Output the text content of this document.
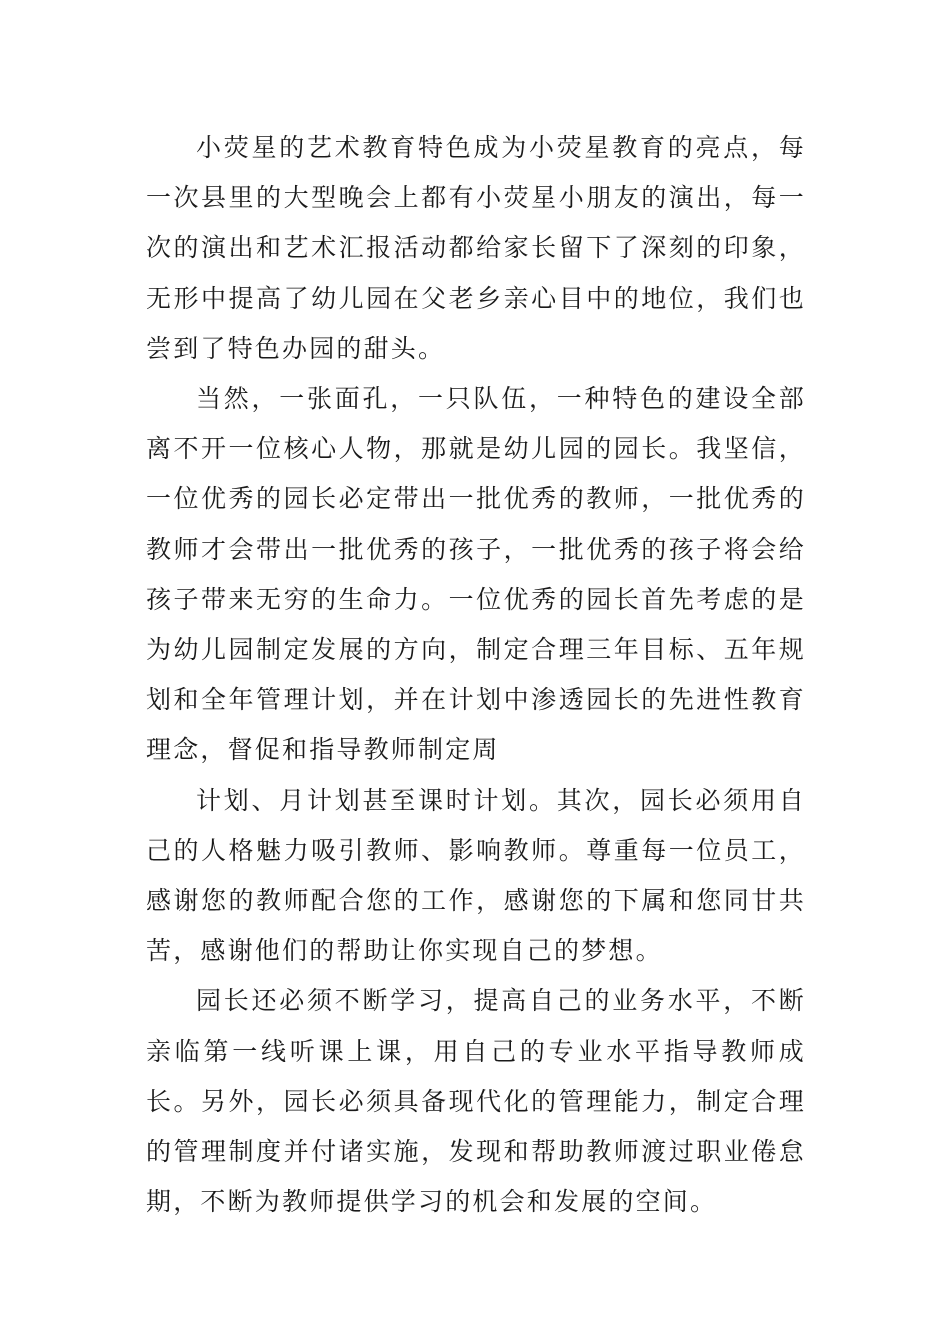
小荧星的艺术教育特色成为小荧星教育的亮点，每一次县里的大型晚会上都有小荧星小朋友的演出，每一次的演出和艺术汇报活动都给家长留下了深刻的印象，无形中提高了幼儿园在父老乡亲心目中的地位，我们也尝到了特色办园的甜头。

当然，一张面孔，一只队伍，一种特色的建设全部离不开一位核心人物，那就是幼儿园的园长。我坚信，一位优秀的园长必定带出一批优秀的教师，一批优秀的教师才会带出一批优秀的孩子，一批优秀的孩子将会给孩子带来无穷的生命力。一位优秀的园长首先考虑的是为幼儿园制定发展的方向，制定合理三年目标、五年规划和全年管理计划，并在计划中渗透园长的先进性教育理念，督促和指导教师制定周

计划、月计划甚至课时计划。其次，园长必须用自己的人格魅力吸引教师、影响教师。尊重每一位员工，感谢您的教师配合您的工作，感谢您的下属和您同甘共苦，感谢他们的帮助让你实现自己的梦想。

园长还必须不断学习，提高自己的业务水平，不断亲临第一线听课上课，用自己的专业水平指导教师成长。另外，园长必须具备现代化的管理能力，制定合理的管理制度并付诸实施，发现和帮助教师渡过职业倦怠期，不断为教师提供学习的机会和发展的空间。
